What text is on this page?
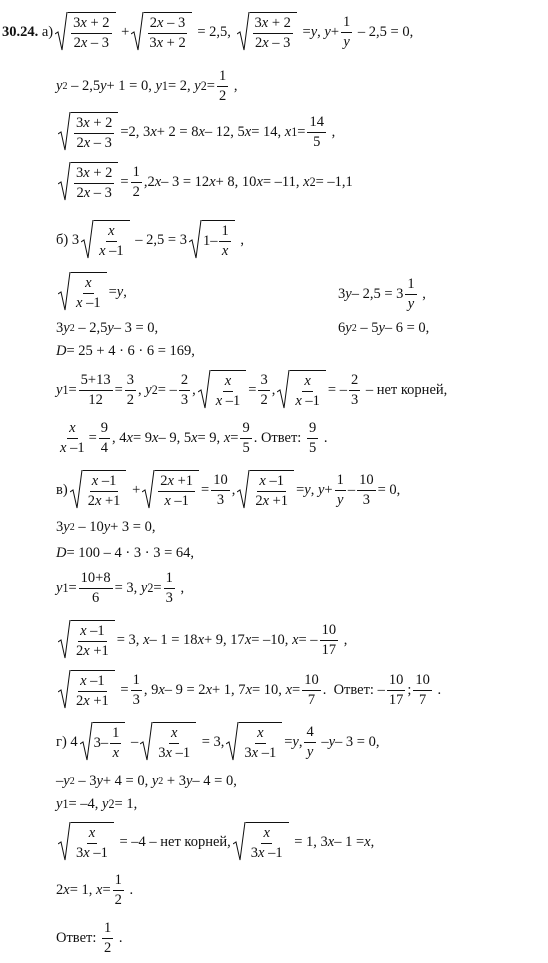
30.24.
а)
3x + 2
2x – 3
+
2x – 3
3x + 2
= 2,5,
3x + 2
2x – 3
= y , y +
1
y
– 2,5 = 0,
y 2 – 2,5 y + 1 = 0, y 1 = 2, y 2 =
1
2
,
3x + 2
2x – 3
=2, 3 x + 2 = 8 x – 12, 5 x = 14, x 1 =
14
5
,
3x + 2
2x – 3
=
1
2
,2 x – 3 = 12 x + 8, 10 x = –11, x 2 = –1,1
б) 3
x
x –1
– 2,5 = 3 1–
1
x
,
x
x –1
= y ,	3 y – 2,5 = 3
1
y
,
3 y 2 – 2,5 y – 3 = 0,	6 y 2 – 5 y – 6 = 0,
D = 25 + 4 · 6 · 6 = 169,
y 1 =
5+13
12
=
3
2
, y 2 = –
2
3
,
x
x –1
=
3
2
,
x
x –1
= –
2
3

– нет корней,
x
x –1
=
9
4
, 4 x = 9 x – 9, 5 x = 9, x =
9
5
. Ответ:

9
5
.
в)
x –1
2x +1
+
2x +1
x –1
=
10
3
,
x –1
2x +1
= y , y +
1
y
–
10
3
= 0,
3 y 2 – 10 y + 3 = 0,
D = 100 – 4 · 3 · 3 = 64,
y 1 =
10+8
6
= 3, y 2 =
1
3
,
x –1
2x +1
= 3, x – 1 = 18 x + 9, 17 x = –10, x = –
10
17
,
x –1
2x +1
=
1
3
, 9 x – 9 = 2 x + 1, 7 x = 10, x =
10
7
. Ответ: –
10
17
;
10
7
.
г) 4 3–
1
x
–
x
3x –1
= 3,
x
3x –1
= y ,
4
y
– y – 3 = 0,
– y 2 – 3 y + 4 = 0, y 2 + 3 y – 4 = 0,
y 1 = –4, y 2 = 1,
x
3x –1
= –4 – нет корней,
x
3x –1
= 1, 3 x – 1 = x ,
2 x = 1, x =
1
2
.
Ответ:

1
2
.
